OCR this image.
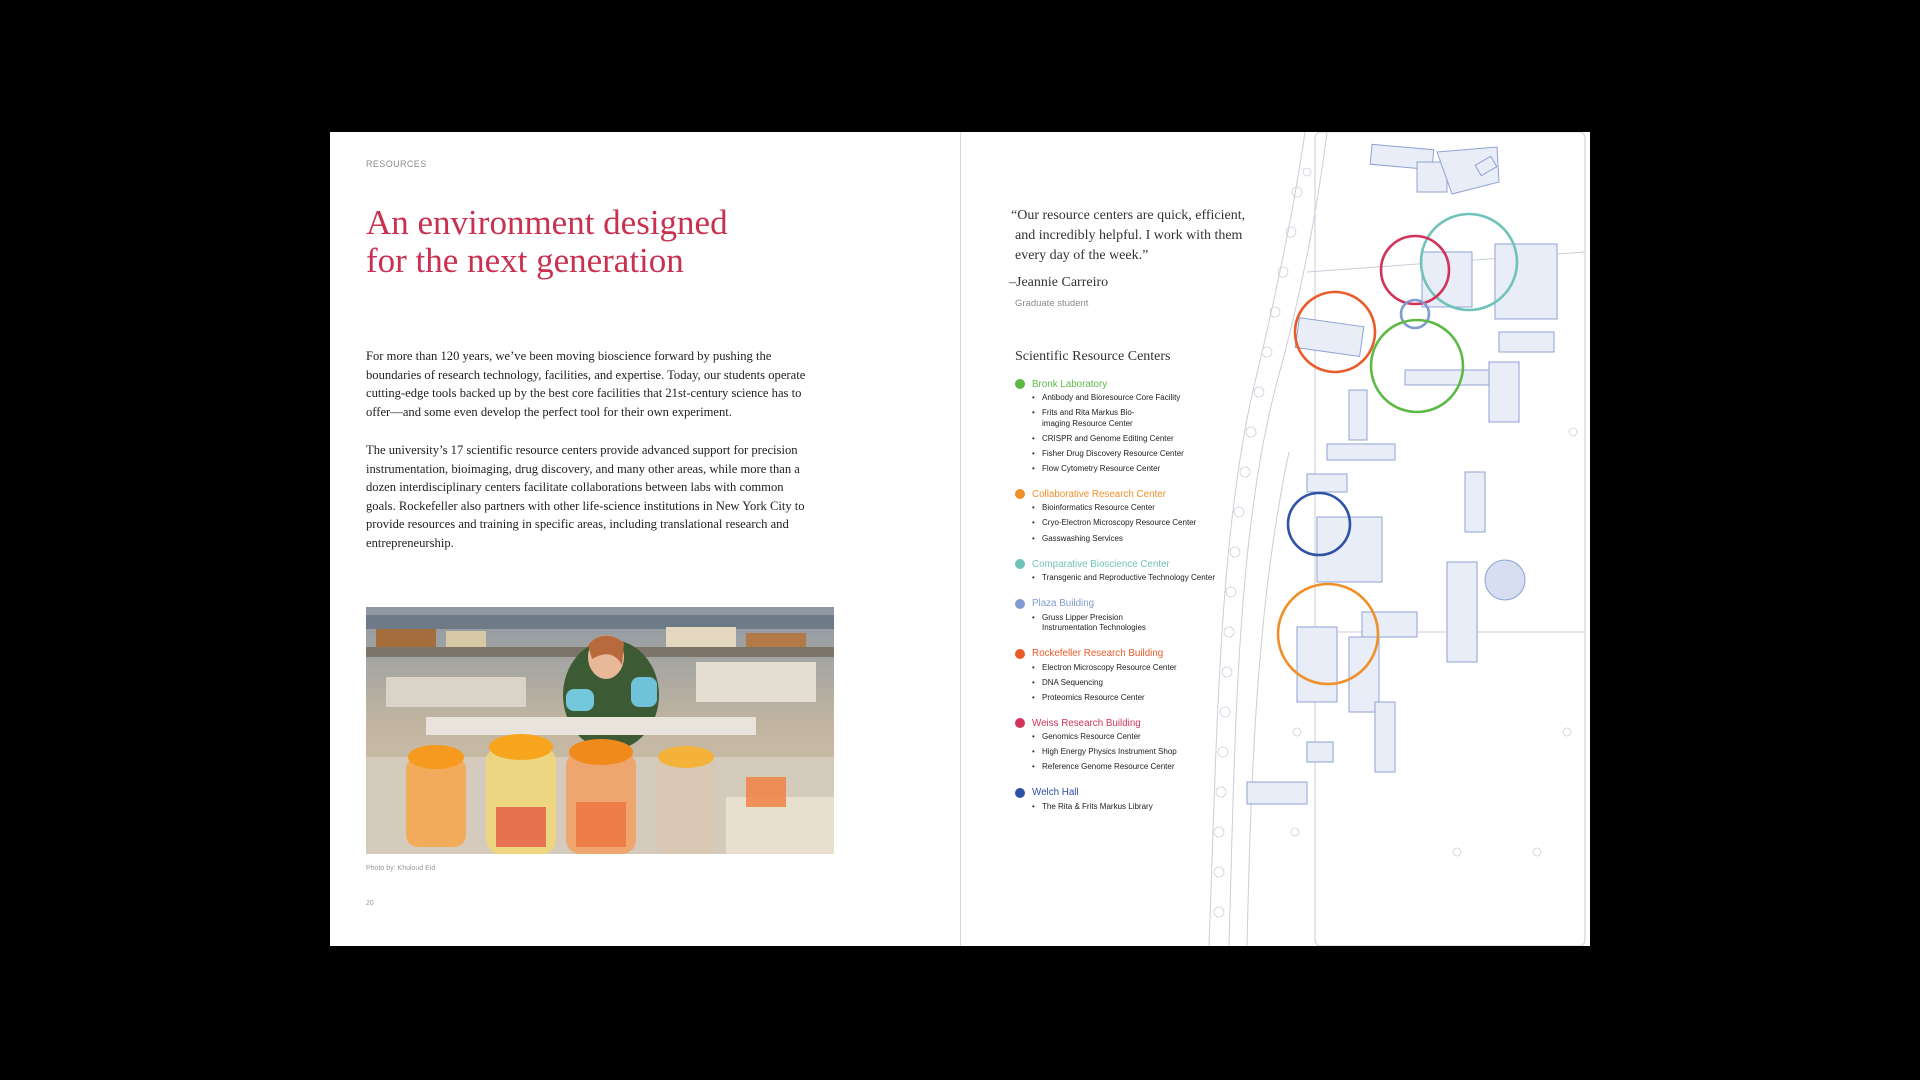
RESOURCES
An environment designed
for the next generation

For more than 120 years, we’ve been moving bioscience forward by pushing the boundaries of research technology, facilities, and expertise. Today, our students operate cutting-edge tools backed up by the best core facilities that 21st-century science has to offer—and some even develop the perfect tool for their own experiment.

The university’s 17 scientific resource centers provide advanced support for precision instrumentation, bioimaging, drug discovery, and many other areas, while more than a dozen interdisciplinary centers facilitate collaborations between labs with common goals. Rockefeller also partners with other life-science institutions in New York City to provide resources and training in specific areas, including translational research and entrepreneurship.

Photo by: Khuloud Eid
20

“Our resource centers are quick, efficient,
and incredibly helpful. I work with them
every day of the week.”

–Jeannie Carreiro
Graduate student
Scientific Resource Centers
Bronk Laboratory
• Antibody and Bioresource Core Facility
• Frits and Rita Markus Bio-imaging Resource Center
• CRISPR and Genome Editing Center
• Fisher Drug Discovery Resource Center
• Flow Cytometry Resource Center
Collaborative Research Center
• Bioinformatics Resource Center
• Cryo-Electron Microscopy Resource Center
• Gasswashing Services
Comparative Bioscience Center
• Transgenic and Reproductive Technology Center
Plaza Building
• Gruss Lipper Precision Instrumentation Technologies
Rockefeller Research Building
• Electron Microscopy Resource Center
• DNA Sequencing
• Proteomics Resource Center
Weiss Research Building
• Genomics Resource Center
• High Energy Physics Instrument Shop
• Reference Genome Resource Center
Welch Hall
• The Rita & Frits Markus Library
